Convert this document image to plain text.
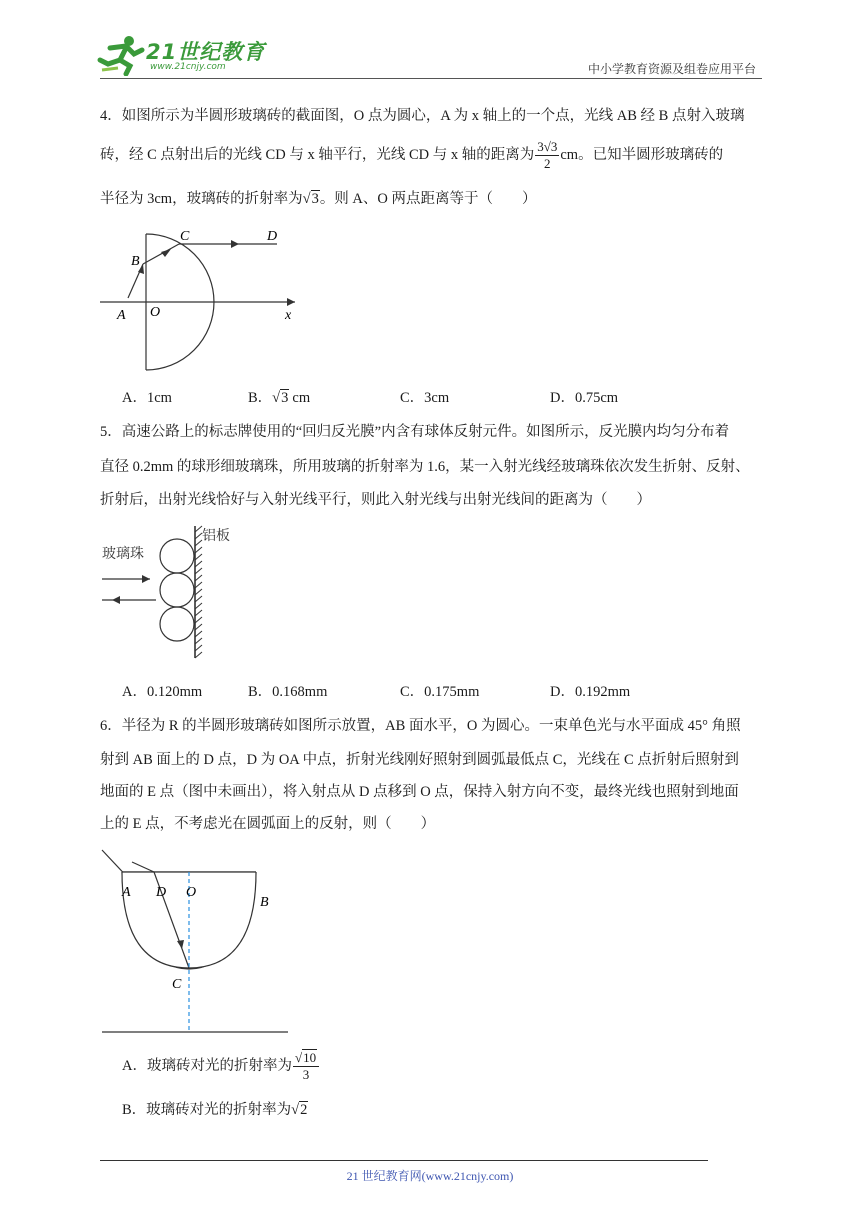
21世纪教育
www.21cnjy.com	中小学教育资源及组卷应用平台
4．如图所示为半圆形玻璃砖的截面图，O 点为圆心，A 为 x 轴上的一个点，光线 AB 经 B 点射入玻璃
砖，经 C 点射出后的光线 CD 与 x 轴平行，光线 CD 与 x 轴的距离为 $\frac{3√3}{2}$ cm。已知半圆形玻璃砖的
半径为 3cm，玻璃砖的折射率为√3。则 A、O 两点距离等于（　　）
C	D
B
A O	x
A．1cm	B．√3 cm	C．3cm	D．0.75cm
5．高速公路上的标志牌使用的“回归反光膜”内含有球体反射元件。如图所示，反光膜内均匀分布着
直径 0.2mm 的球形细玻璃珠，所用玻璃的折射率为 1.6，某一入射光线经玻璃珠依次发生折射、反射、
折射后，出射光线恰好与入射光线平行，则此入射光线与出射光线间的距离为（　　）
玻璃珠
铝板
A．0.120mm	B．0.168mm	C．0.175mm	D．0.192mm
6．半径为 R 的半圆形玻璃砖如图所示放置，AB 面水平，O 为圆心。一束单色光与水平面成 45° 角照
射到 AB 面上的 D 点，D 为 OA 中点，折射光线刚好照射到圆弧最低点 C，光线在 C 点折射后照射到
地面的 E 点（图中未画出），将入射点从 D 点移到 O 点，保持入射方向不变，最终光线也照射到地面
上的 E 点，不考虑光在圆弧面上的反射，则（　　）
A D O
B
C
A．玻璃砖对光的折射率为 $\frac{√10}{3}$
B．玻璃砖对光的折射率为√2
21 世纪教育网(www.21cnjy.com)
